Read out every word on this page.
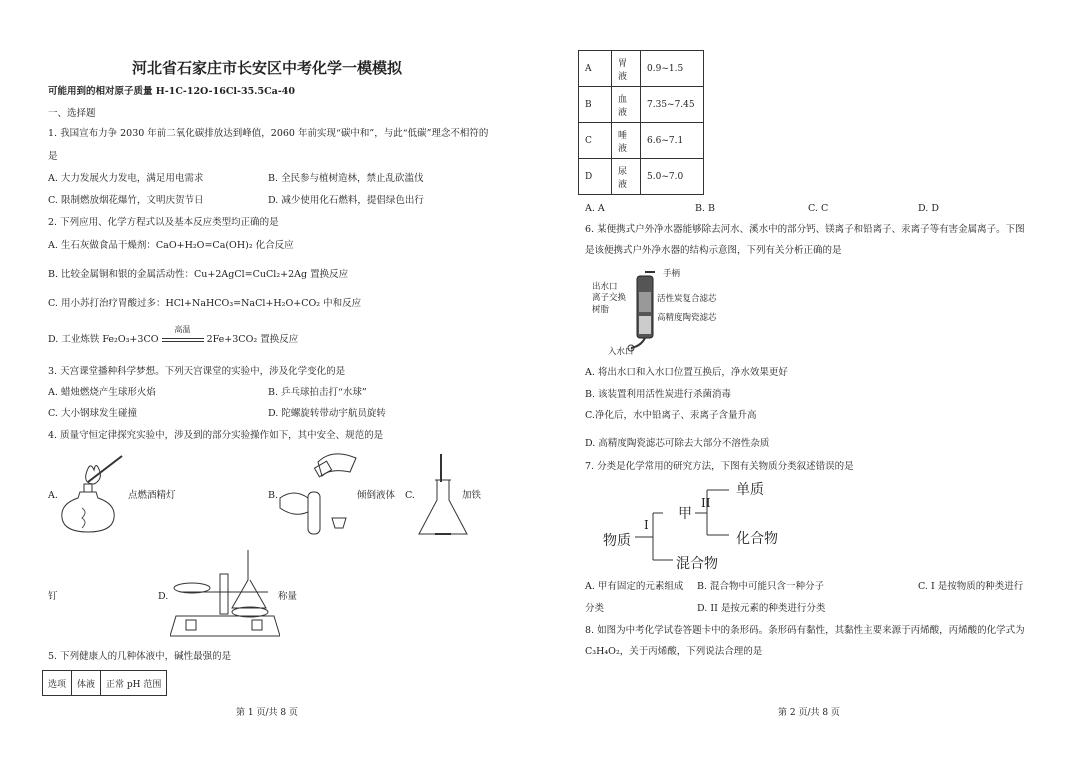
河北省石家庄市长安区中考化学一模模拟
可能用到的相对原子质量 H-1C-12O-16Cl-35.5Ca-40
一、选择题
1. 我国宣布力争 2030 年前二氧化碳排放达到峰值，2060 年前实现“碳中和”，与此“低碳”理念不相符的
是
A. 大力发展火力发电，满足用电需求	B. 全民参与植树造林，禁止乱砍滥伐
C. 限制燃放烟花爆竹，文明庆贺节日	D. 减少使用化石燃料，提倡绿色出行
2. 下列应用、化学方程式以及基本反应类型均正确的是
A. 生石灰做食品干燥剂：CaO+H₂O=Ca(OH)₂ 化合反应
B. 比较金属铜和银的金属活动性：Cu+2AgCl=CuCl₂+2Ag 置换反应
C. 用小苏打治疗胃酸过多：HCl+NaHCO₃=NaCl+H₂O+CO₂ 中和反应
D. 工业炼铁 Fe₂O₃+3CO
高温
2Fe+3CO₂ 置换反应
3. 天宫课堂播种科学梦想。下列天宫课堂的实验中，涉及化学变化的是
A. 蜡烛燃烧产生球形火焰	B. 乒乓球拍击打“水球”
C. 大小钢球发生碰撞	D. 陀螺旋转带动宇航员旋转
4. 质量守恒定律探究实验中，涉及到的部分实验操作如下，其中安全、规范的是
A.	点燃酒精灯	B.	倾倒液体 C.	加铁
钉	D.	称量
5. 下列健康人的几种体液中，碱性最强的是
选项	体液	正常 pH 范围
第 1 页/共 8 页
A	胃液	0.9~1.5
B	血液	7.35~7.45
C	唾液	6.6~7.1
D	尿液	5.0~7.0
A. A	B. B	C. C	D. D
6. 某便携式户外净水器能够除去河水、溪水中的部分钙、镁离子和铅离子、汞离子等有害金属离子。下图
是该便携式户外净水器的结构示意图，下列有关分析正确的是
手柄
出水口
离子交换树脂
活性炭复合滤芯
高精度陶瓷滤芯
入水口
A. 将出水口和入水口位置互换后，净水效果更好
B. 该装置利用活性炭进行杀菌消毒
C.净化后，水中铅离子、汞离子含量升高
D. 高精度陶瓷滤芯可除去大部分不溶性杂质
7. 分类是化学常用的研究方法，下图有关物质分类叙述错误的是
物质
I
甲
II
单质
化合物
混合物
A. 甲有固定的元素组成 B. 混合物中可能只含一种分子	C. I 是按物质的种类进行
分类	D. II 是按元素的种类进行分类
8. 如图为中考化学试卷答题卡中的条形码。条形码有黏性，其黏性主要来源于丙烯酸，丙烯酸的化学式为
C₃H₄O₂，关于丙烯酸，下列说法合理的是
第 2 页/共 8 页
